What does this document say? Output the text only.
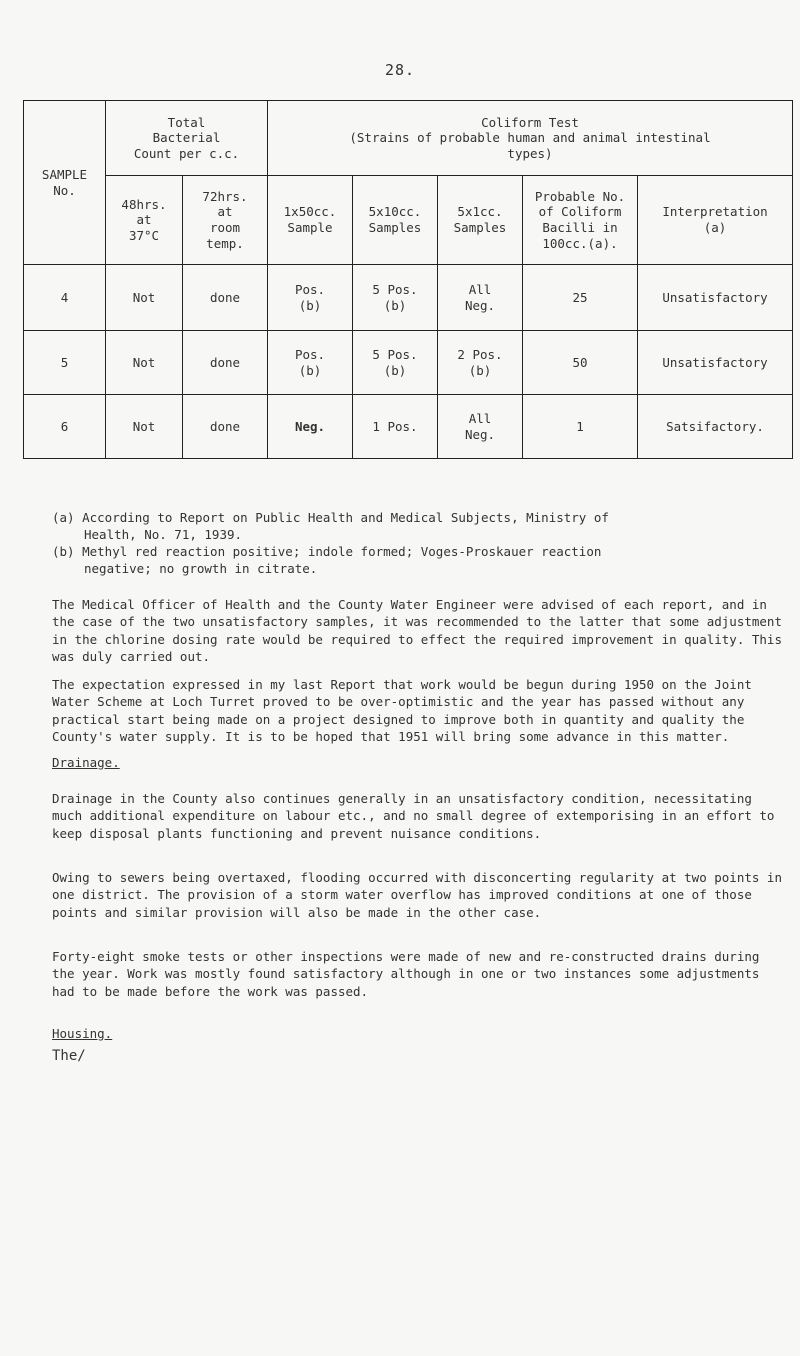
28.
SAMPLE
No.	Total
Bacterial
Count per c.c.		Coliform Test
(Strains of probable human and animal intestinal
types)				
	48hrs.
at
37°C	72hrs.
at
room
temp.	1x50cc.
Sample	5x10cc.
Samples	5x1cc.
Samples	Probable No.
of Coliform
Bacilli in
100cc.(a).	Interpretation
(a)
4	Not	done	Pos.
(b)	5 Pos.
(b)	All
Neg.	25	Unsatisfactory
5	Not	done	Pos.
(b)	5 Pos.
(b)	2 Pos.
(b)	50	Unsatisfactory
6	Not	done	Neg.	1 Pos.	All
Neg.	1	Satsifactory.

(a) According to Report on Public Health and Medical Subjects, Ministry of

Health, No. 71, 1939.

(b) Methyl red reaction positive; indole formed; Voges-Proskauer reaction

negative; no growth in citrate.

The Medical Officer of Health and the County Water Engineer were advised of each report, and in the case of the two unsatisfactory samples, it was recommended to the latter that some adjustment in the chlorine dosing rate would be required to effect the required improvement in quality. This was duly carried out.

The expectation expressed in my last Report that work would be begun during 1950 on the Joint Water Scheme at Loch Turret proved to be over-optimistic and the year has passed without any practical start being made on a project designed to improve both in quantity and quality the County's water supply. It is to be hoped that 1951 will bring some advance in this matter.

Drainage.

Drainage in the County also continues generally in an unsatisfactory condition, necessitating much additional expenditure on labour etc., and no small degree of extemporising in an effort to keep disposal plants functioning and prevent nuisance conditions.

Owing to sewers being overtaxed, flooding occurred with disconcerting regularity at two points in one district. The provision of a storm water overflow has improved conditions at one of those points and similar provision will also be made in the other case.

Forty-eight smoke tests or other inspections were made of new and re-constructed drains during the year. Work was mostly found satisfactory although in one or two instances some adjustments had to be made before the work was passed.

Housing.
The/
